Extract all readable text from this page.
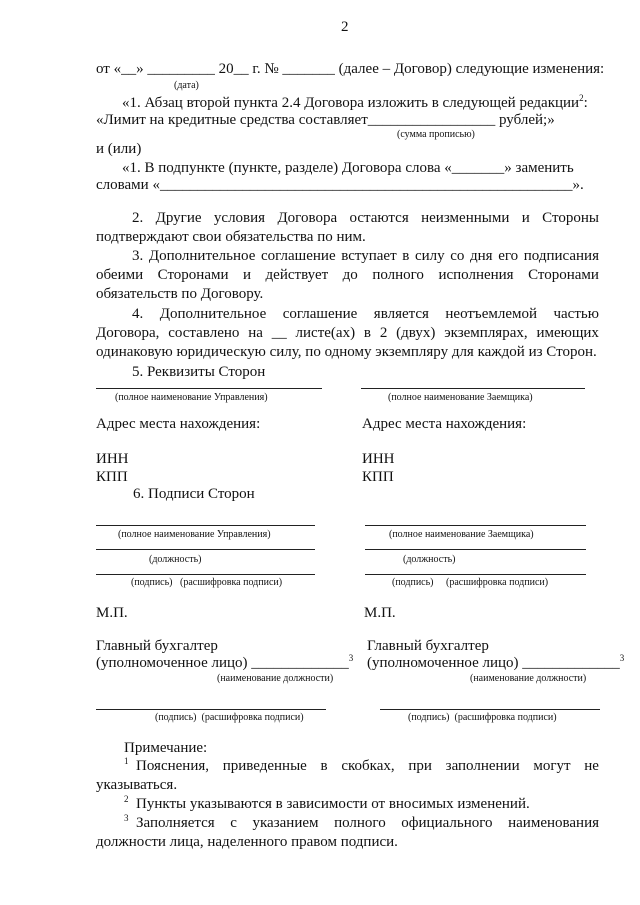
2
от «__» _________ 20__ г. № _______ (далее – Договор) следующие изменения:
(дата)
«1. Абзац второй пункта 2.4 Договора изложить в следующей редакции$^2$:
«Лимит на кредитные средства составляет_________________ рублей;»
(сумма прописью)
и (или)
«1. В подпункте (пункте, разделе) Договора слова «_______» заменить
словами «_______________________________________________________».
2. Другие условия Договора остаются неизменными и Стороны
подтверждают свои обязательства по ним.
3. Дополнительное соглашение вступает в силу со дня его подписания
обеими Сторонами и действует до полного исполнения Сторонами
обязательств по Договору.
4. Дополнительное соглашение является неотъемлемой частью
Договора, составлено на __ листе(ах) в 2 (двух) экземплярах, имеющих
одинаковую юридическую силу, по одному экземпляру для каждой из Сторон.
5. Реквизиты Сторон
(полное наименование Управления)	(полное наименование Заемщика)
Адрес места нахождения:	Адрес места нахождения:
ИНН	ИНН
КПП	КПП
6. Подписи Сторон
(полное наименование Управления)	(полное наименование Заемщика)
(должность)	(должность)
(подпись) (расшифровка подписи)	(подпись) (расшифровка подписи)
М.П.	М.П.
Главный бухгалтер	Главный бухгалтер
(уполномоченное лицо) _____________$^3$ (уполномоченное лицо) _____________$^3$
(наименование должности)	(наименование должности)
(подпись) (расшифровка подписи)	(подпись) (расшифровка подписи)
Примечание:
$^1$ Пояснения, приведенные в скобках, при заполнении могут не
указываться.
$^2$ Пункты указываются в зависимости от вносимых изменений.
$^3$ Заполняется с указанием полного официального наименования
должности лица, наделенного правом подписи.
